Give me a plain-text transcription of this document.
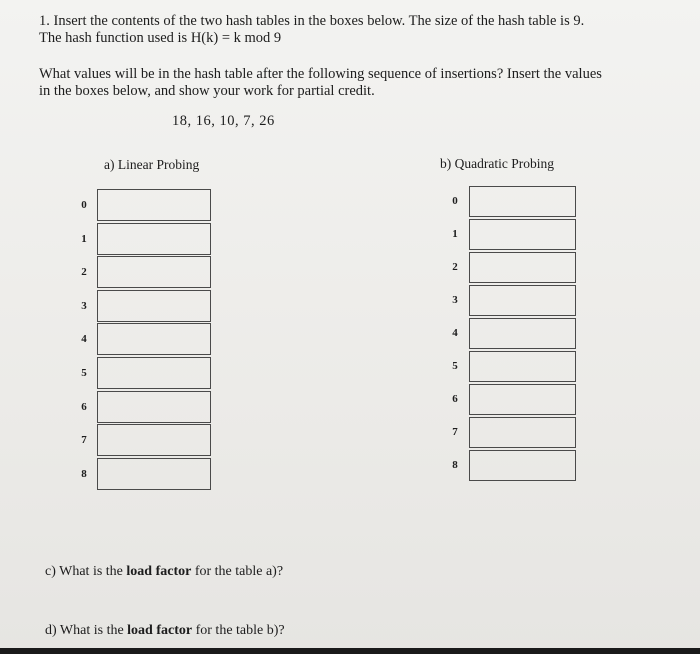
1. Insert the contents of the two hash tables in the boxes below. The size of the hash table is 9.
The hash function used is H(k) = k mod 9
What values will be in the hash table after the following sequence of insertions? Insert the values
in the boxes below, and show your work for partial credit.
18, 16, 10, 7, 26
a) Linear Probing	b) Quadratic Probing
0
1
2
3
4
5
6
7
8
0
1
2
3
4
5
6
7
8
c) What is the load factor for the table a)?
d) What is the load factor for the table b)?
